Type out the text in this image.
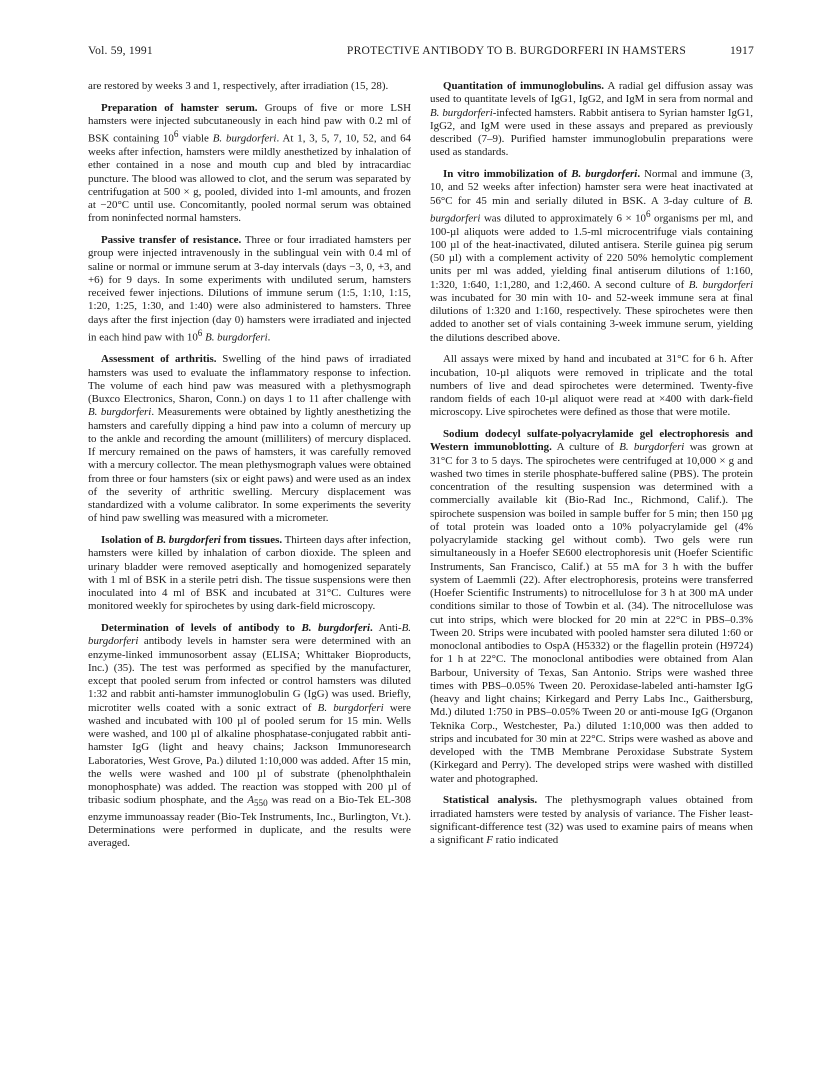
Vol. 59, 1991	PROTECTIVE ANTIBODY TO B. BURGDORFERI IN HAMSTERS	1917

are restored by weeks 3 and 1, respectively, after irradiation (15, 28).

Preparation of hamster serum. Groups of five or more LSH hamsters were injected subcutaneously in each hind paw with 0.2 ml of BSK containing $10^6$ viable B. burgdorferi. At 1, 3, 5, 7, 10, 52, and 64 weeks after infection, hamsters were mildly anesthetized by inhalation of ether contained in a nose and mouth cup and bled by intracardiac puncture. The blood was allowed to clot, and the serum was separated by centrifugation at 500 × g, pooled, divided into 1-ml amounts, and frozen at −20°C until use. Concomitantly, pooled normal serum was obtained from noninfected normal hamsters.

Passive transfer of resistance. Three or four irradiated hamsters per group were injected intravenously in the sublingual vein with 0.4 ml of saline or normal or immune serum at 3-day intervals (days −3, 0, +3, and +6) for 9 days. In some experiments with undiluted serum, hamsters received fewer injections. Dilutions of immune serum (1:5, 1:10, 1:15, 1:20, 1:25, 1:30, and 1:40) were also administered to hamsters. Three days after the first injection (day 0) hamsters were irradiated and injected in each hind paw with $10^6$ B. burgdorferi.

Assessment of arthritis. Swelling of the hind paws of irradiated hamsters was used to evaluate the inflammatory response to infection. The volume of each hind paw was measured with a plethysmograph (Buxco Electronics, Sharon, Conn.) on days 1 to 11 after challenge with B. burgdorferi. Measurements were obtained by lightly anesthetizing the hamsters and carefully dipping a hind paw into a column of mercury up to the ankle and recording the amount (milliliters) of mercury displaced. If mercury remained on the paws of hamsters, it was carefully removed with a mercury collector. The mean plethysmograph values were obtained from three or four hamsters (six or eight paws) and were used as an index of the severity of arthritic swelling. Mercury displacement was standardized with a volume calibrator. In some experiments the severity of hind paw swelling was measured with a micrometer.

Isolation of B. burgdorferi from tissues. Thirteen days after infection, hamsters were killed by inhalation of carbon dioxide. The spleen and urinary bladder were removed aseptically and homogenized separately with 1 ml of BSK in a sterile petri dish. The tissue suspensions were then inoculated into 4 ml of BSK and incubated at 31°C. Cultures were monitored weekly for spirochetes by using dark-field microscopy.

Determination of levels of antibody to B. burgdorferi. Anti-B. burgdorferi antibody levels in hamster sera were determined with an enzyme-linked immunosorbent assay (ELISA; Whittaker Bioproducts, Inc.) (35). The test was performed as specified by the manufacturer, except that pooled serum from infected or control hamsters was diluted 1:32 and rabbit anti-hamster immunoglobulin G (IgG) was used. Briefly, microtiter wells coated with a sonic extract of B. burgdorferi were washed and incubated with 100 µl of pooled serum for 15 min. Wells were washed, and 100 µl of alkaline phosphatase-conjugated rabbit anti-hamster IgG (light and heavy chains; Jackson Immunoresearch Laboratories, West Grove, Pa.) diluted 1:10,000 was added. After 15 min, the wells were washed and 100 µl of substrate (phenolphthalein monophosphate) was added. The reaction was stopped with 200 µl of tribasic sodium phosphate, and the $A_{550}$ was read on a Bio-Tek EL-308 enzyme immunoassay reader (Bio-Tek Instruments, Inc., Burlington, Vt.). Determinations were performed in duplicate, and the results were averaged.

Quantitation of immunoglobulins. A radial gel diffusion assay was used to quantitate levels of IgG1, IgG2, and IgM in sera from normal and B. burgdorferi-infected hamsters. Rabbit antisera to Syrian hamster IgG1, IgG2, and IgM were used in these assays and prepared as previously described (7–9). Purified hamster immunoglobulin preparations were used as standards.

In vitro immobilization of B. burgdorferi. Normal and immune (3, 10, and 52 weeks after infection) hamster sera were heat inactivated at 56°C for 45 min and serially diluted in BSK. A 3-day culture of B. burgdorferi was diluted to approximately $6 \times 10^6$ organisms per ml, and 100-µl aliquots were added to 1.5-ml microcentrifuge vials containing 100 µl of the heat-inactivated, diluted antisera. Sterile guinea pig serum (50 µl) with a complement activity of 220 50% hemolytic complement units per ml was added, yielding final antiserum dilutions of 1:160, 1:320, 1:640, 1:1,280, and 1:2,460. A second culture of B. burgdorferi was incubated for 30 min with 10- and 52-week immune sera at final dilutions of 1:320 and 1:160, respectively. These spirochetes were then added to another set of vials containing 3-week immune serum, yielding the dilutions described above.

All assays were mixed by hand and incubated at 31°C for 6 h. After incubation, 10-µl aliquots were removed in triplicate and the total numbers of live and dead spirochetes were determined. Twenty-five random fields of each 10-µl aliquot were read at ×400 with dark-field microscopy. Live spirochetes were defined as those that were motile.

Sodium dodecyl sulfate-polyacrylamide gel electrophoresis and Western immunoblotting. A culture of B. burgdorferi was grown at 31°C for 3 to 5 days. The spirochetes were centrifuged at 10,000 × g and washed two times in sterile phosphate-buffered saline (PBS). The protein concentration of the resulting suspension was determined with a commercially available kit (Bio-Rad Inc., Richmond, Calif.). The spirochete suspension was boiled in sample buffer for 5 min; then 150 µg of total protein was loaded onto a 10% polyacrylamide gel (4% polyacrylamide stacking gel without comb). Two gels were run simultaneously in a Hoefer SE600 electrophoresis unit (Hoefer Scientific Instruments, San Francisco, Calif.) at 55 mA for 3 h with the buffer system of Laemmli (22). After electrophoresis, proteins were transferred (Hoefer Scientific Instruments) to nitrocellulose for 3 h at 300 mA under conditions similar to those of Towbin et al. (34). The nitrocellulose was cut into strips, which were blocked for 20 min at 22°C in PBS–0.3% Tween 20. Strips were incubated with pooled hamster sera diluted 1:60 or monoclonal antibodies to OspA (H5332) or the flagellin protein (H9724) for 1 h at 22°C. The monoclonal antibodies were obtained from Alan Barbour, University of Texas, San Antonio. Strips were washed three times with PBS–0.05% Tween 20. Peroxidase-labeled anti-hamster IgG (heavy and light chains; Kirkegard and Perry Labs Inc., Gaithersburg, Md.) diluted 1:750 in PBS–0.05% Tween 20 or anti-mouse IgG (Organon Teknika Corp., Westchester, Pa.) diluted 1:10,000 was then added to strips and incubated for 30 min at 22°C. Strips were washed as above and developed with the TMB Membrane Peroxidase Substrate System (Kirkegard and Perry). The developed strips were washed with distilled water and photographed.

Statistical analysis. The plethysmograph values obtained from irradiated hamsters were tested by analysis of variance. The Fisher least-significant-difference test (32) was used to examine pairs of means when a significant F ratio indicated
